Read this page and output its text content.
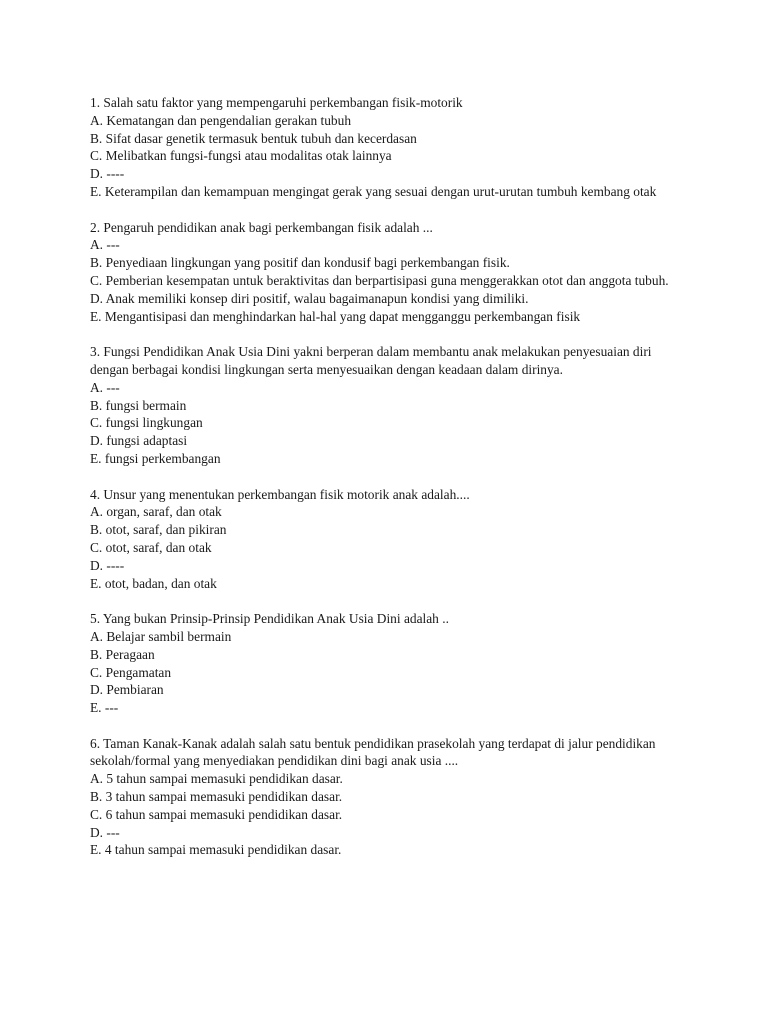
1. Salah satu faktor yang mempengaruhi perkembangan fisik-motorik
A. Kematangan dan pengendalian gerakan tubuh
B. Sifat dasar genetik termasuk bentuk tubuh dan kecerdasan
C. Melibatkan fungsi-fungsi atau modalitas otak lainnya
D. ----
E. Keterampilan dan kemampuan mengingat gerak yang sesuai dengan urut-urutan tumbuh kembang otak
2. Pengaruh pendidikan anak bagi perkembangan fisik adalah ...
A. ---
B. Penyediaan lingkungan yang positif dan kondusif bagi perkembangan fisik.
C. Pemberian kesempatan untuk beraktivitas dan berpartisipasi guna menggerakkan otot dan anggota tubuh.
D. Anak memiliki konsep diri positif, walau bagaimanapun kondisi yang dimiliki.
E. Mengantisipasi dan menghindarkan hal-hal yang dapat mengganggu perkembangan fisik
3. Fungsi Pendidikan Anak Usia Dini yakni berperan dalam membantu anak melakukan penyesuaian diri dengan berbagai kondisi lingkungan serta menyesuaikan dengan keadaan dalam dirinya.
A. ---
B. fungsi bermain
C. fungsi lingkungan
D. fungsi adaptasi
E. fungsi perkembangan
4. Unsur yang menentukan perkembangan fisik motorik anak adalah....
A. organ, saraf, dan otak
B. otot, saraf, dan pikiran
C. otot, saraf, dan otak
D. ----
E. otot, badan, dan otak
5. Yang bukan Prinsip-Prinsip Pendidikan Anak Usia Dini adalah ..
A. Belajar sambil bermain
B. Peragaan
C. Pengamatan
D. Pembiaran
E. ---
6. Taman Kanak-Kanak adalah salah satu bentuk pendidikan prasekolah yang terdapat di jalur pendidikan sekolah/formal yang menyediakan pendidikan dini bagi anak usia ....
A. 5 tahun sampai memasuki pendidikan dasar.
B. 3 tahun sampai memasuki pendidikan dasar.
C. 6 tahun sampai memasuki pendidikan dasar.
D. ---
E. 4 tahun sampai memasuki pendidikan dasar.
